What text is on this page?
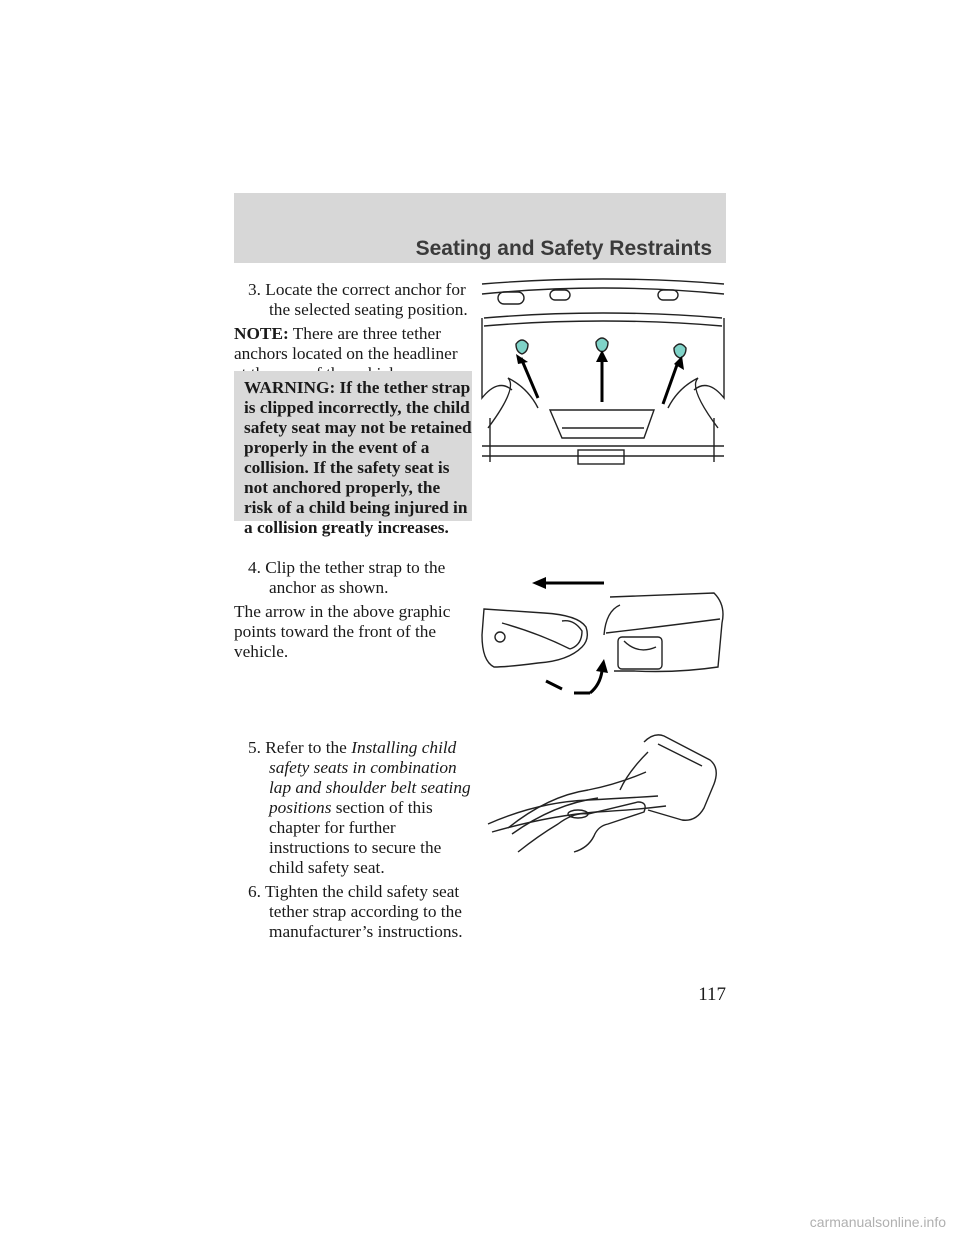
Seating and Safety Restraints

3. Locate the correct anchor for the selected seating position.

NOTE: There are three tether anchors located on the headliner

WARNING: If the tether strap is clipped incorrectly, the child safety seat may not be retained properly in the event of a collision. If the safety seat is not anchored properly, the risk of a child being injured in a collision greatly increases.

4. Clip the tether strap to the anchor as shown.

The arrow in the above graphic points toward the front of the vehicle.

5. Refer to the Installing child safety seats in combination lap and shoulder belt seating positions section of this chapter for further instructions to secure the child safety seat.

6. Tighten the child safety seat tether strap according to the manufacturer’s instructions.

117
carmanualsonline.info
